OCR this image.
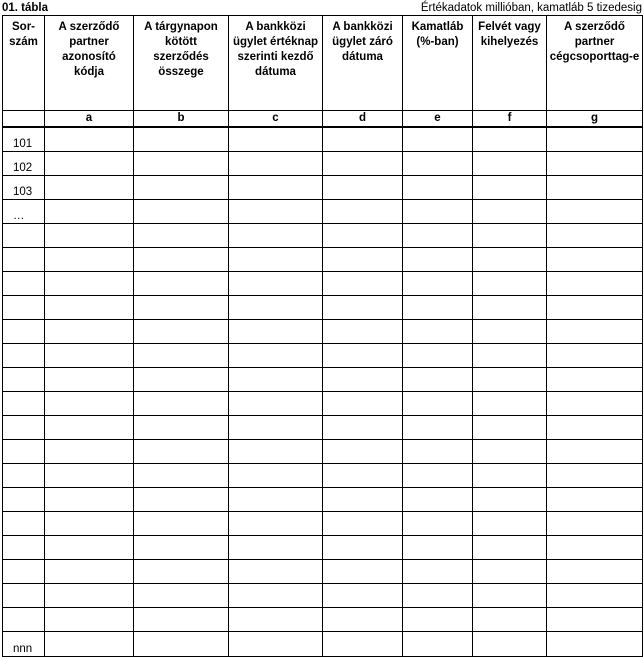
01. tábla	Értékadatok millióban, kamatláb 5 tizedesig
Sor-
szám	A szerződő partner azonosító kódja	A tárgynapon kötött szerződés összege	A bankközi ügylet értéknap szerinti kezdő dátuma	A bankközi ügylet záró dátuma	Kamatláb (%-ban)	Felvét vagy kihelyezés	A szerződő partner cégcsoporttag-e

	a	b	c	d	e	f	g
101							
102							
103							
…							

nnn							
